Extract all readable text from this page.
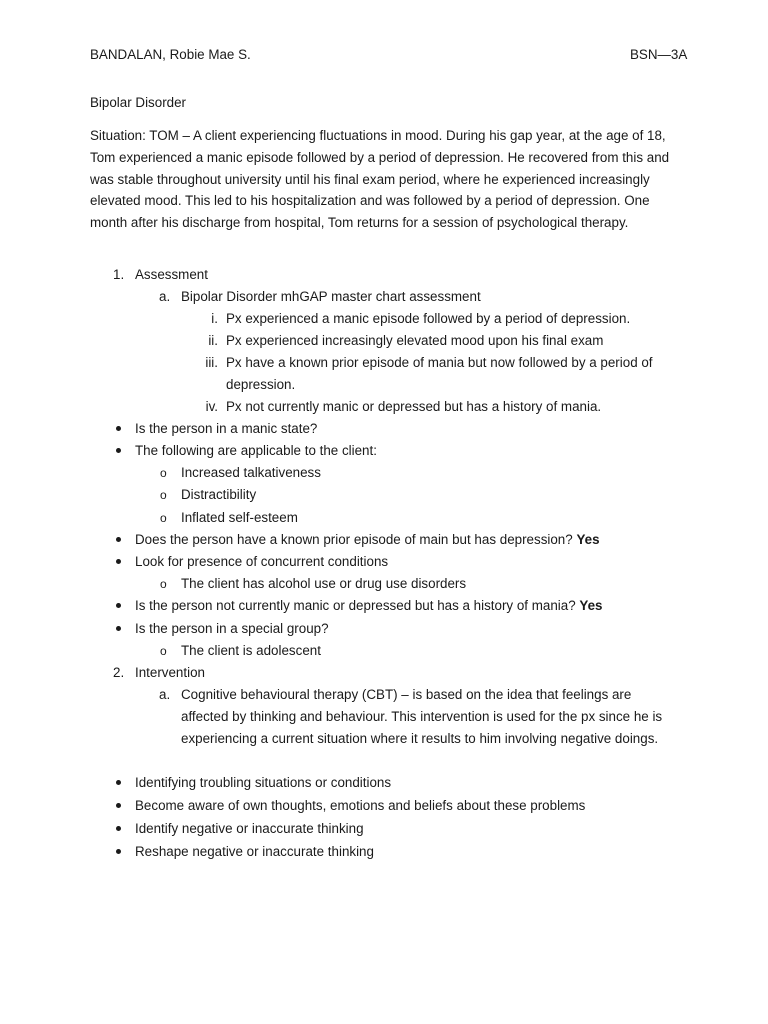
BANDALAN, Robie Mae S.	BSN—3A
Bipolar Disorder

Situation: TOM – A client experiencing fluctuations in mood. During his gap year, at the age of 18, Tom experienced a manic episode followed by a period of depression. He recovered from this and was stable throughout university until his final exam period, where he experienced increasingly elevated mood. This led to his hospitalization and was followed by a period of depression. One month after his discharge from hospital, Tom returns for a session of psychological therapy.

1. Assessment
a. Bipolar Disorder mhGAP master chart assessment
i. Px experienced a manic episode followed by a period of depression.
ii. Px experienced increasingly elevated mood upon his final exam
iii. Px have a known prior episode of mania but now followed by a period of depression.
iv. Px not currently manic or depressed but has a history of mania.
Is the person in a manic state?
The following are applicable to the client:
o Increased talkativeness
o Distractibility
o Inflated self-esteem
Does the person have a known prior episode of main but has depression? Yes
Look for presence of concurrent conditions
o The client has alcohol use or drug use disorders
Is the person not currently manic or depressed but has a history of mania? Yes
Is the person in a special group?
o The client is adolescent
2. Intervention
a. Cognitive behavioural therapy (CBT) – is based on the idea that feelings are affected by thinking and behaviour. This intervention is used for the px since he is experiencing a current situation where it results to him involving negative doings.
Identifying troubling situations or conditions
Become aware of own thoughts, emotions and beliefs about these problems
Identify negative or inaccurate thinking
Reshape negative or inaccurate thinking
